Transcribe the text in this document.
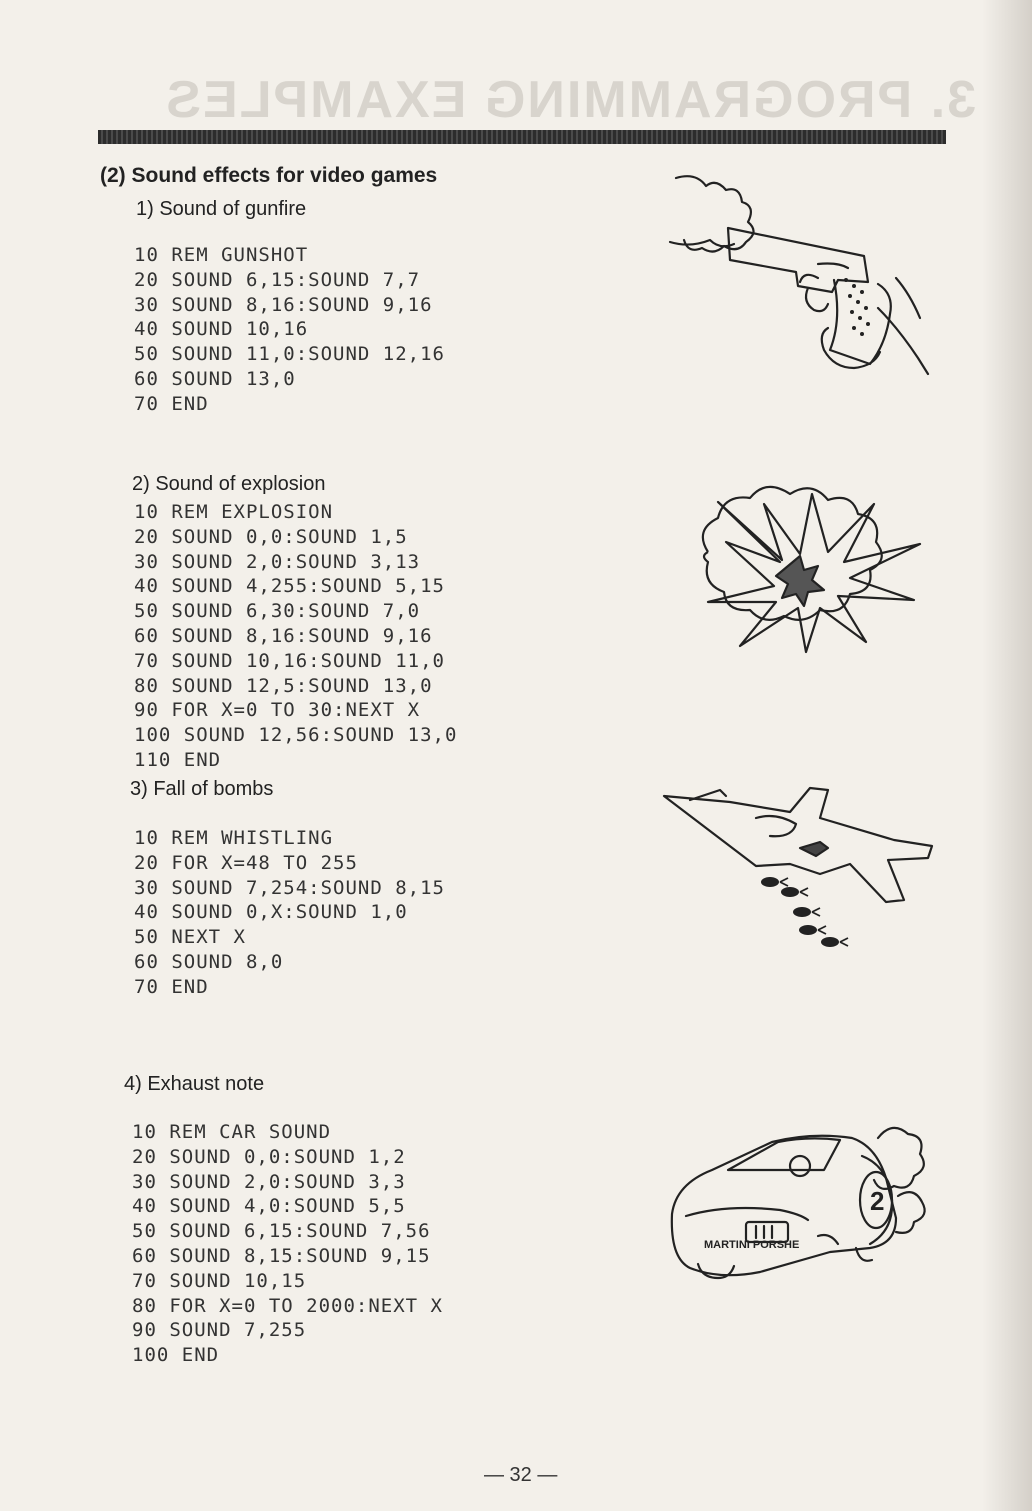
3. PROGRAMMING EXAMPLES
(2) Sound effects for video games
1) Sound of gunfire
10 REM GUNSHOT
20 SOUND 6,15:SOUND 7,7
30 SOUND 8,16:SOUND 9,16
40 SOUND 10,16
50 SOUND 11,0:SOUND 12,16
60 SOUND 13,0
70 END
2) Sound of explosion
10 REM EXPLOSION
20 SOUND 0,0:SOUND 1,5
30 SOUND 2,0:SOUND 3,13
40 SOUND 4,255:SOUND 5,15
50 SOUND 6,30:SOUND 7,0
60 SOUND 8,16:SOUND 9,16
70 SOUND 10,16:SOUND 11,0
80 SOUND 12,5:SOUND 13,0
90 FOR X=0 TO 30:NEXT X
100 SOUND 12,56:SOUND 13,0
110 END
3) Fall of bombs
10 REM WHISTLING
20 FOR X=48 TO 255
30 SOUND 7,254:SOUND 8,15
40 SOUND 0,X:SOUND 1,0
50 NEXT X
60 SOUND 8,0
70 END
4) Exhaust note
10 REM CAR SOUND
20 SOUND 0,0:SOUND 1,2
30 SOUND 2,0:SOUND 3,3
40 SOUND 4,0:SOUND 5,5
50 SOUND 6,15:SOUND 7,56
60 SOUND 8,15:SOUND 9,15
70 SOUND 10,15
80 FOR X=0 TO 2000:NEXT X
90 SOUND 7,255
100 END
MARTINI PORSHE
2
— 32 —
